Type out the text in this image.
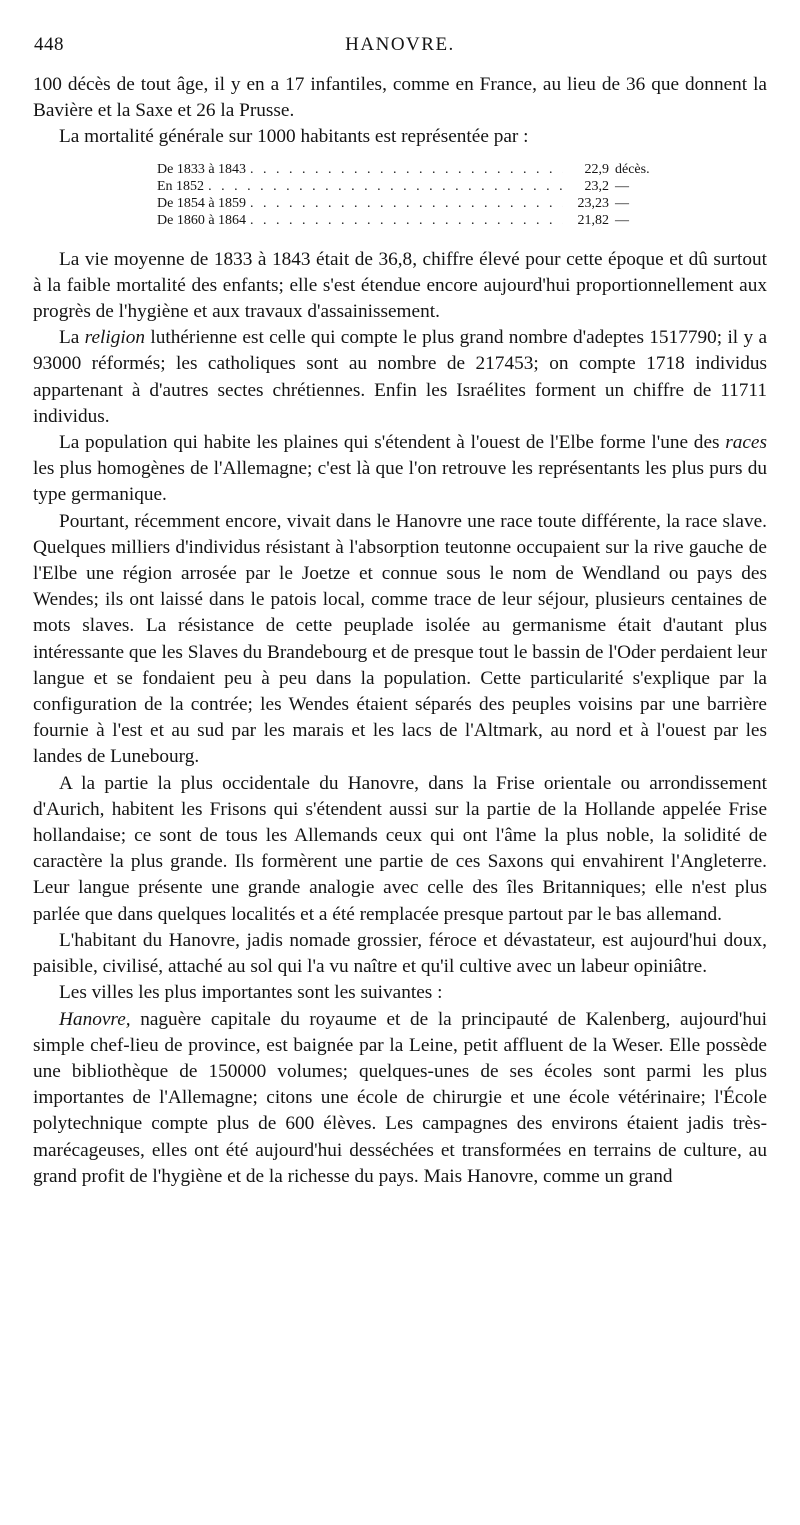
448	HANOVRE.

100 décès de tout âge, il y en a 17 infantiles, comme en France, au lieu de 36 que donnent la Bavière et la Saxe et 26 la Prusse.

La mortalité générale sur 1000 habitants est représentée par :

De 1833 à 1843 . . .	22,9 décès.
En 1852 . . .	23,2 —
De 1854 à 1859 . . .	23,23 —
De 1860 à 1864 . . .	21,82 —

La vie moyenne de 1833 à 1843 était de 36,8, chiffre élevé pour cette époque et dû surtout à la faible mortalité des enfants; elle s'est étendue encore aujourd'hui proportionnellement aux progrès de l'hygiène et aux travaux d'assainissement.

La religion luthérienne est celle qui compte le plus grand nombre d'adeptes 1517790; il y a 93000 réformés; les catholiques sont au nombre de 217453; on compte 1718 individus appartenant à d'autres sectes chrétiennes. Enfin les Israélites forment un chiffre de 11711 individus.

La population qui habite les plaines qui s'étendent à l'ouest de l'Elbe forme l'une des races les plus homogènes de l'Allemagne; c'est là que l'on retrouve les représentants les plus purs du type germanique.

Pourtant, récemment encore, vivait dans le Hanovre une race toute différente, la race slave. Quelques milliers d'individus résistant à l'absorption teutonne occupaient sur la rive gauche de l'Elbe une région arrosée par le Joetze et connue sous le nom de Wendland ou pays des Wendes; ils ont laissé dans le patois local, comme trace de leur séjour, plusieurs centaines de mots slaves. La résistance de cette peuplade isolée au germanisme était d'autant plus intéressante que les Slaves du Brandebourg et de presque tout le bassin de l'Oder perdaient leur langue et se fondaient peu à peu dans la population. Cette particularité s'explique par la configuration de la contrée; les Wendes étaient séparés des peuples voisins par une barrière fournie à l'est et au sud par les marais et les lacs de l'Altmark, au nord et à l'ouest par les landes de Lunebourg.

A la partie la plus occidentale du Hanovre, dans la Frise orientale ou arrondissement d'Aurich, habitent les Frisons qui s'étendent aussi sur la partie de la Hollande appelée Frise hollandaise; ce sont de tous les Allemands ceux qui ont l'âme la plus noble, la solidité de caractère la plus grande. Ils formèrent une partie de ces Saxons qui envahirent l'Angleterre. Leur langue présente une grande analogie avec celle des îles Britanniques; elle n'est plus parlée que dans quelques localités et a été remplacée presque partout par le bas allemand.

L'habitant du Hanovre, jadis nomade grossier, féroce et dévastateur, est aujourd'hui doux, paisible, civilisé, attaché au sol qui l'a vu naître et qu'il cultive avec un labeur opiniâtre.

Les villes les plus importantes sont les suivantes :

Hanovre, naguère capitale du royaume et de la principauté de Kalenberg, aujourd'hui simple chef-lieu de province, est baignée par la Leine, petit affluent de la Weser. Elle possède une bibliothèque de 150000 volumes; quelques-unes de ses écoles sont parmi les plus importantes de l'Allemagne; citons une école de chirurgie et une école vétérinaire; l'École polytechnique compte plus de 600 élèves. Les campagnes des environs étaient jadis très-marécageuses, elles ont été aujourd'hui desséchées et transformées en terrains de culture, au grand profit de l'hygiène et de la richesse du pays. Mais Hanovre, comme un grand
